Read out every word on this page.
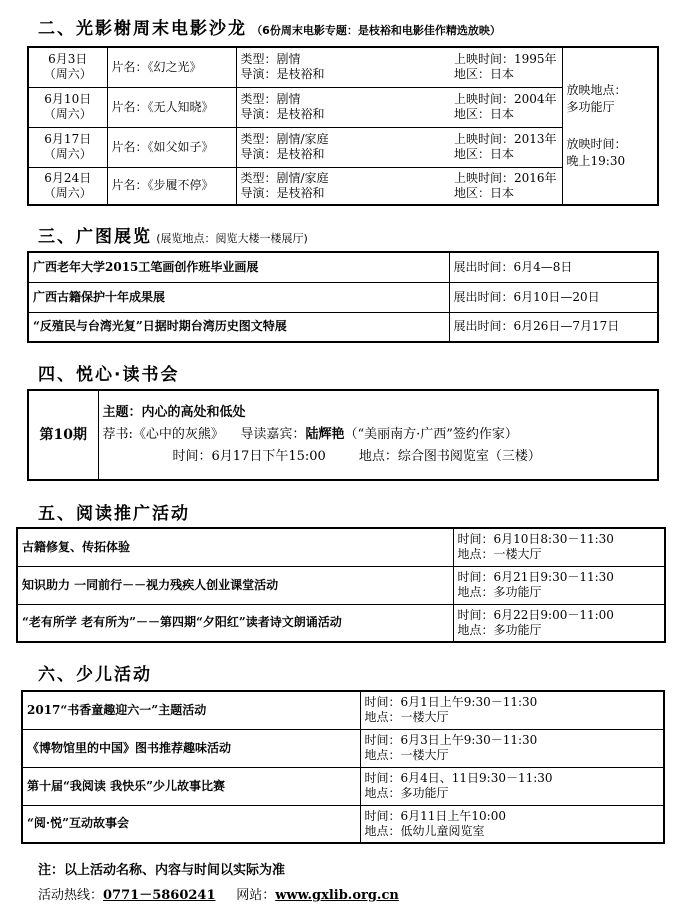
二、光影榭周末电影沙龙 （6份周末电影专题：是枝裕和电影佳作精选放映）
6月3日
（周六）	片名：《幻之光》	类型：剧情
导演：是枝裕和	上映时间：1995年
地区：日本	放映地点：
多功能厅
放映时间：
晚上19:30

6月10日
（周六）	片名：《无人知晓》	类型：剧情
导演：是枝裕和	上映时间：2004年
地区：日本	

6月17日
（周六）	片名：《如父如子》	类型：剧情/家庭
导演：是枝裕和	上映时间：2013年
地区：日本	

6月24日
（周六）	片名：《步履不停》	类型：剧情/家庭
导演：是枝裕和	上映时间：2016年
地区：日本	
三、广图展览 (展览地点：阅览大楼一楼展厅)
广西老年大学2015工笔画创作班毕业画展	展出时间：6月4—8日
广西古籍保护十年成果展	展出时间：6月10日—20日
“反殖民与台湾光复”日据时期台湾历史图文特展	展出时间：6月26日—7月17日
四、悦心·读书会
第10期	
主题：内心的高处和低处
荐书:《心中的灰熊》 导读嘉宾：陆辉艳（“美丽南方·广西”签约作家）
时间：6月17日下午15:00	地点：综合图书阅览室（三楼）
五、阅读推广活动
古籍修复、传拓体验	时间：6月10日8:30－11:30
地点：一楼大厅

知识助力 一同前行－－视力残疾人创业课堂活动	时间：6月21日9:30－11:30
地点：多功能厅

“老有所学 老有所为”－－第四期“夕阳红”读者诗文朗诵活动	时间：6月22日9:00－11:00
地点：多功能厅
六、少儿活动
2017“书香童趣迎六一”主题活动	时间：6月1日上午9:30－11:30
地点：一楼大厅

《博物馆里的中国》图书推荐趣味活动	时间：6月3日上午9:30－11:30
地点：一楼大厅

第十届“我阅读 我快乐”少儿故事比赛	时间：6月4日、11日9:30－11:30
地点：多功能厅

“阅·悦”互动故事会	时间：6月11日上午10:00
地点：低幼儿童阅览室
注：以上活动名称、内容与时间以实际为准
活动热线：0771－5860241 网站：www.gxlib.org.cn
